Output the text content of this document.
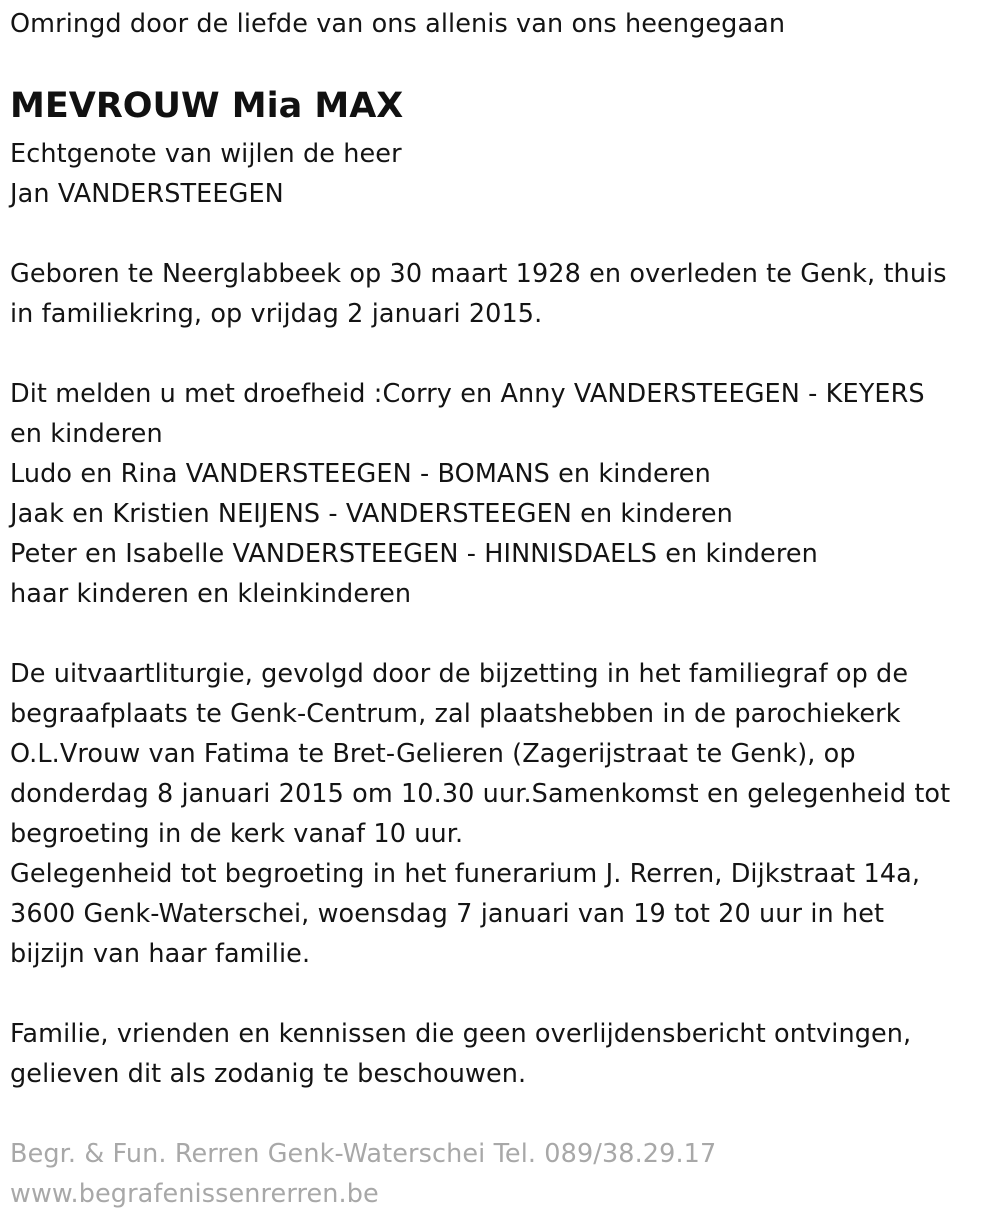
Omringd door de liefde van ons allenis van ons heengegaan
MEVROUW Mia MAX
Echtgenote van wijlen de heer
Jan VANDERSTEEGEN
Geboren te Neerglabbeek op 30 maart 1928 en overleden te Genk, thuis
in familiekring, op vrijdag 2 januari 2015.
Dit melden u met droefheid :Corry en Anny VANDERSTEEGEN - KEYERS
en kinderen
Ludo en Rina VANDERSTEEGEN - BOMANS en kinderen
Jaak en Kristien NEIJENS - VANDERSTEEGEN en kinderen
Peter en Isabelle VANDERSTEEGEN - HINNISDAELS en kinderen
haar kinderen en kleinkinderen
De uitvaartliturgie, gevolgd door de bijzetting in het familiegraf op de
begraafplaats te Genk-Centrum, zal plaatshebben in de parochiekerk
O.L.Vrouw van Fatima te Bret-Gelieren (Zagerijstraat te Genk), op
donderdag 8 januari 2015 om 10.30 uur.Samenkomst en gelegenheid tot
begroeting in de kerk vanaf 10 uur.
Gelegenheid tot begroeting in het funerarium J. Rerren, Dijkstraat 14a,
3600 Genk-Waterschei, woensdag 7 januari van 19 tot 20 uur in het
bijzijn van haar familie.
Familie, vrienden en kennissen die geen overlijdensbericht ontvingen,
gelieven dit als zodanig te beschouwen.
Begr. & Fun. Rerren Genk-Waterschei Tel. 089/38.29.17
www.begrafenissenrerren.be
